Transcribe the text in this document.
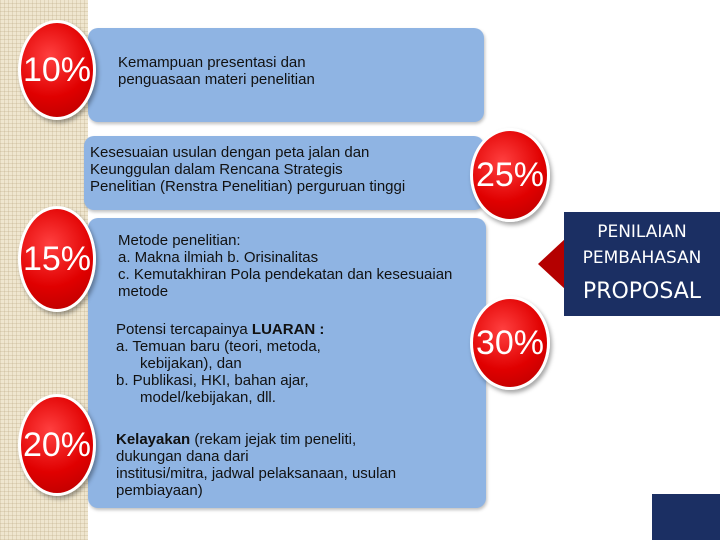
Kemampuan presentasi dan
penguasaan materi penelitian
10%
Kesesuaian usulan dengan peta jalan dan
Keunggulan dalam Rencana Strategis
Penelitian (Renstra Penelitian) perguruan tinggi 25%
Metode penelitian:
a. Makna ilmiah b. Orisinalitas
c. Kemutakhiran Pola pendekatan dan kesesuaian
metode
Potensi tercapainya LUARAN :
a. Temuan baru (teori, metoda,
kebijakan), dan
b. Publikasi, HKI, bahan ajar,
model/kebijakan, dll.
Kelayakan (rekam jejak tim peneliti,
dukungan dana dari
institusi/mitra, jadwal pelaksanaan, usulan
pembiayaan)
15%
30%
20%
PENILAIAN
PEMBAHASAN
PROPOSAL
